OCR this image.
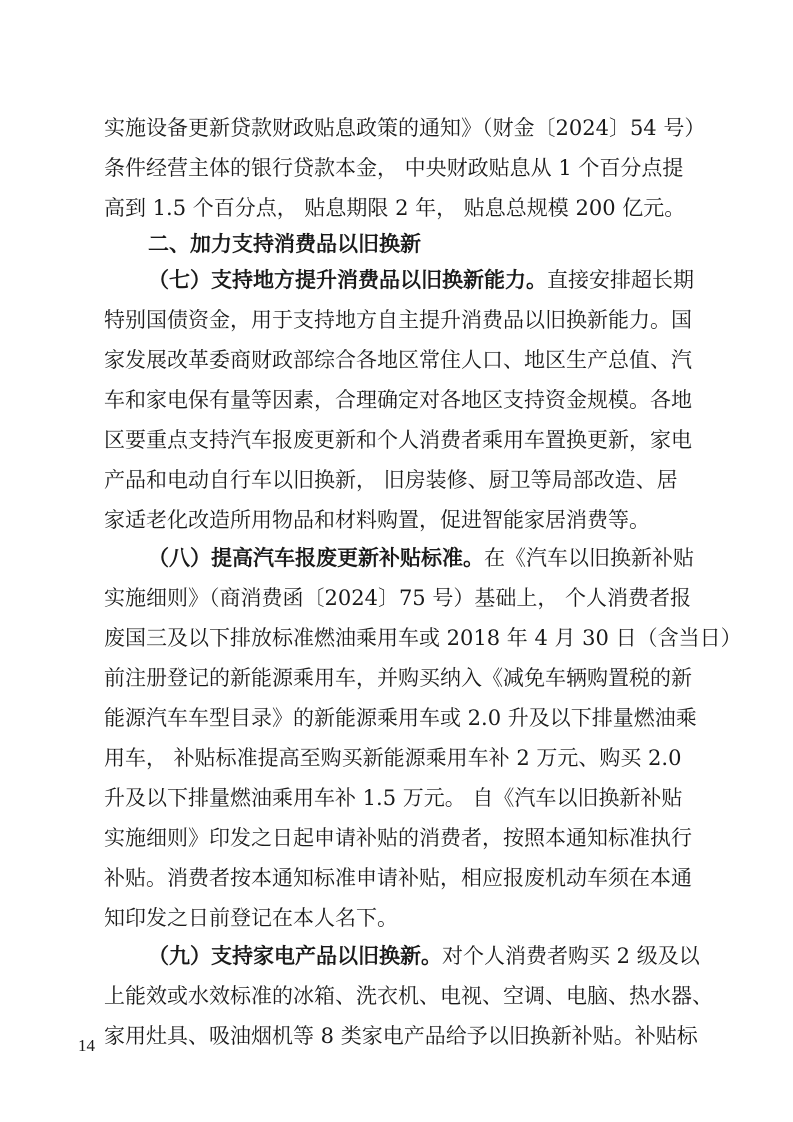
实施设备更新贷款财政贴息政策的通知》（财金〔2024〕54 号）
条件经营主体的银行贷款本金， 中央财政贴息从 1 个百分点提
高到 1.5 个百分点， 贴息期限 2 年， 贴息总规模 200 亿元。
二、加力支持消费品以旧换新
（七）支持地方提升消费品以旧换新能力。直接安排超长期
特别国债资金，用于支持地方自主提升消费品以旧换新能力。国
家发展改革委商财政部综合各地区常住人口、地区生产总值、汽
车和家电保有量等因素，合理确定对各地区支持资金规模。各地
区要重点支持汽车报废更新和个人消费者乘用车置换更新，家电
产品和电动自行车以旧换新， 旧房装修、厨卫等局部改造、居
家适老化改造所用物品和材料购置，促进智能家居消费等。
（八）提高汽车报废更新补贴标准。在《汽车以旧换新补贴
实施细则》（商消费函〔2024〕75 号）基础上， 个人消费者报
废国三及以下排放标准燃油乘用车或 2018 年 4 月 30 日（含当日）
前注册登记的新能源乘用车，并购买纳入《减免车辆购置税的新
能源汽车车型目录》的新能源乘用车或 2.0 升及以下排量燃油乘
用车， 补贴标准提高至购买新能源乘用车补 2 万元、购买 2.0
升及以下排量燃油乘用车补 1.5 万元。 自《汽车以旧换新补贴
实施细则》印发之日起申请补贴的消费者，按照本通知标准执行
补贴。消费者按本通知标准申请补贴，相应报废机动车须在本通
知印发之日前登记在本人名下。
（九）支持家电产品以旧换新。对个人消费者购买 2 级及以
上能效或水效标准的冰箱、洗衣机、电视、空调、电脑、热水器、
家用灶具、吸油烟机等 8 类家电产品给予以旧换新补贴。补贴标
14
